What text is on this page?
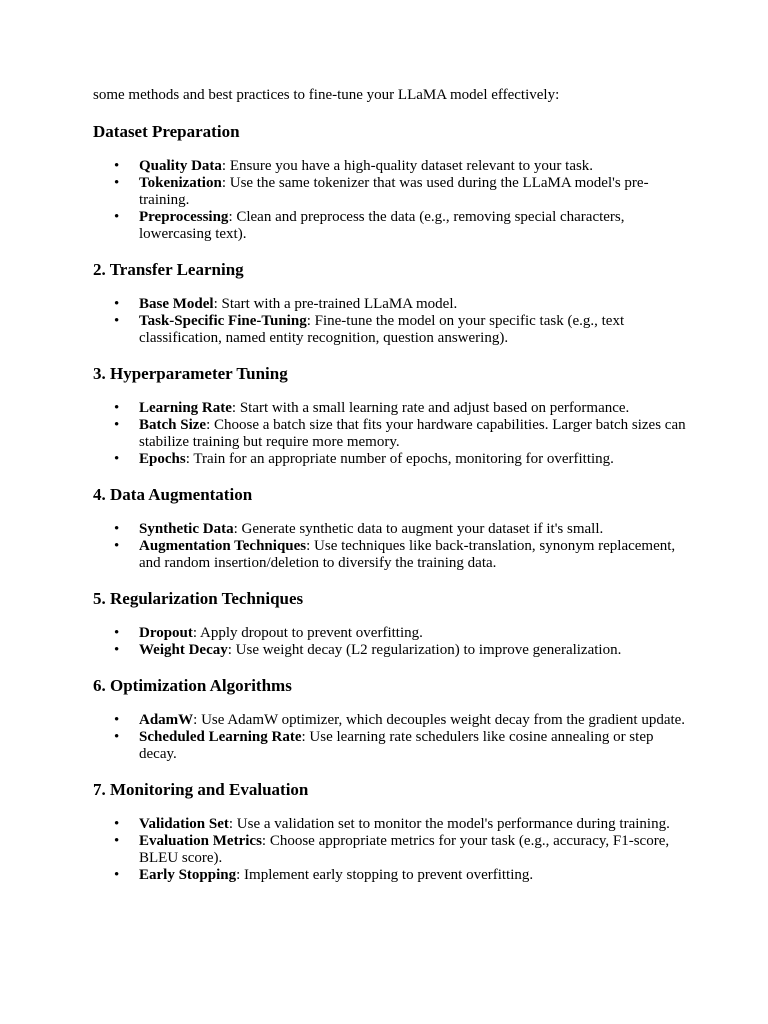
some methods and best practices to fine-tune your LLaMA model effectively:

Dataset Preparation
• Quality Data: Ensure you have a high-quality dataset relevant to your task.
• Tokenization: Use the same tokenizer that was used during the LLaMA model's pre-training.
• Preprocessing: Clean and preprocess the data (e.g., removing special characters, lowercasing text).
2. Transfer Learning
• Base Model: Start with a pre-trained LLaMA model.
• Task-Specific Fine-Tuning: Fine-tune the model on your specific task (e.g., text classification, named entity recognition, question answering).
3. Hyperparameter Tuning
• Learning Rate: Start with a small learning rate and adjust based on performance.
• Batch Size: Choose a batch size that fits your hardware capabilities. Larger batch sizes can stabilize training but require more memory.
• Epochs: Train for an appropriate number of epochs, monitoring for overfitting.
4. Data Augmentation
• Synthetic Data: Generate synthetic data to augment your dataset if it's small.
• Augmentation Techniques: Use techniques like back-translation, synonym replacement, and random insertion/deletion to diversify the training data.
5. Regularization Techniques
• Dropout: Apply dropout to prevent overfitting.
• Weight Decay: Use weight decay (L2 regularization) to improve generalization.
6. Optimization Algorithms
• AdamW: Use AdamW optimizer, which decouples weight decay from the gradient update.
• Scheduled Learning Rate: Use learning rate schedulers like cosine annealing or step decay.
7. Monitoring and Evaluation
• Validation Set: Use a validation set to monitor the model's performance during training.
• Evaluation Metrics: Choose appropriate metrics for your task (e.g., accuracy, F1-score, BLEU score).
• Early Stopping: Implement early stopping to prevent overfitting.
